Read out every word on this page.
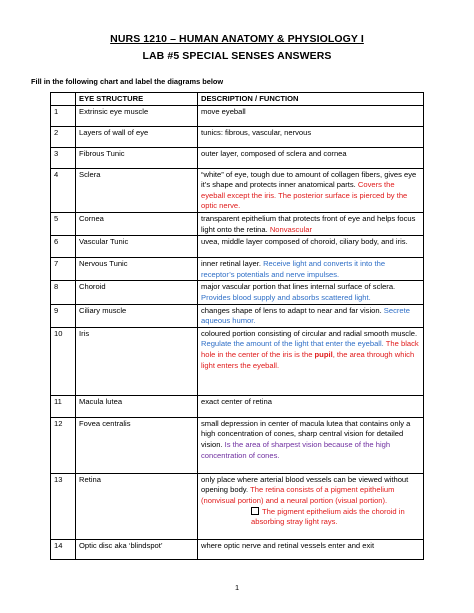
NURS 1210 – HUMAN ANATOMY & PHYSIOLOGY I
LAB #5 SPECIAL SENSES ANSWERS
Fill in the following chart and label the diagrams below
	EYE STRUCTURE	DESCRIPTION / FUNCTION
1	Extrinsic eye muscle	move eyeball
2	Layers of wall of eye	tunics: fibrous, vascular, nervous
3	Fibrous Tunic	outer layer, composed of sclera and cornea
4	Sclera	“white” of eye, tough due to amount of collagen fibers, gives eye it’s shape and protects inner anatomical parts. Covers the eyeball except the iris. The posterior surface is pierced by the optic nerve.
5	Cornea	transparent epithelium that protects front of eye and helps focus light onto the retina. Nonvascular
6	Vascular Tunic	uvea, middle layer composed of choroid, ciliary body, and iris.
7	Nervous Tunic	inner retinal layer. Receive light and converts it into the receptor’s potentials and nerve impulses.
8	Choroid	major vascular portion that lines internal surface of sclera. Provides blood supply and absorbs scattered light.
9	Ciliary muscle	changes shape of lens to adapt to near and far vision. Secrete aqueous humor.
10	Iris	coloured portion consisting of circular and radial smooth muscle. Regulate the amount of the light that enter the eyeball. The black hole in the center of the iris is the pupil, the area through which light enters the eyeball.
11	Macula lutea	exact center of retina
12	Fovea centralis	small depression in center of macula lutea that contains only a high concentration of cones, sharp central vision for detailed vision. Is the area of sharpest vision because of the high concentration of cones.
13	Retina	only place where arterial blood vessels can be viewed without opening body. The retina consists of a pigment epithelium (nonvisual portion) and a neural portion (visual portion).
The pigment epithelium aids the choroid in absorbing stray light rays.

14	Optic disc aka ‘blindspot’	where optic nerve and retinal vessels enter and exit
1
